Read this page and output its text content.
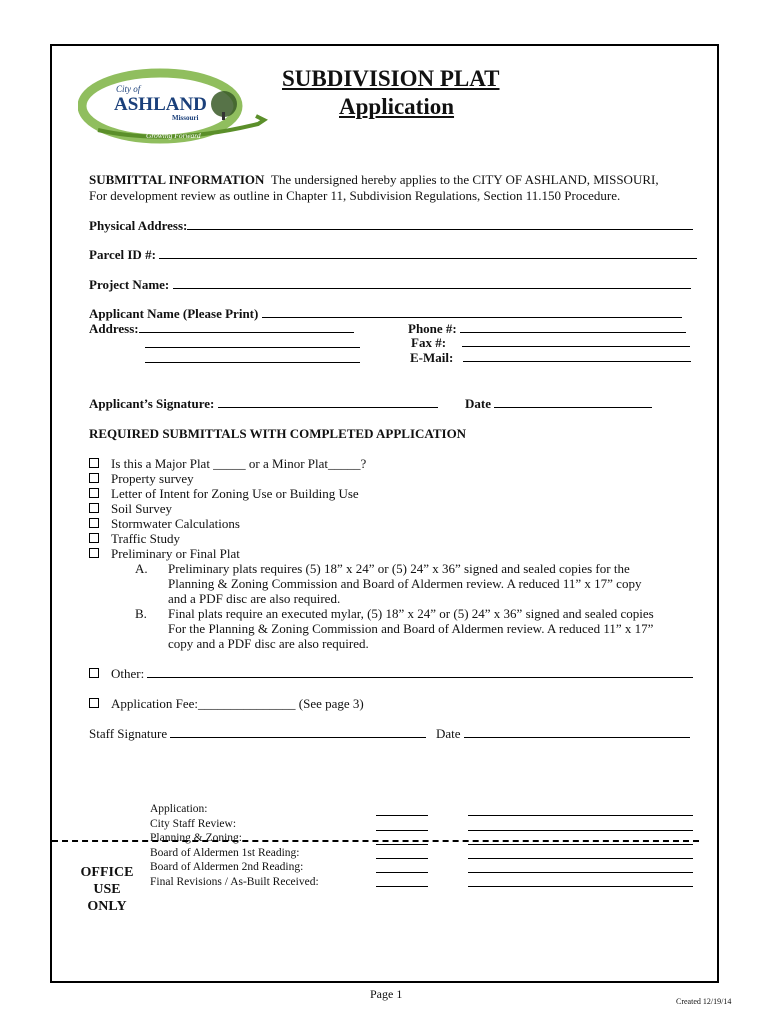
City of
ASHLAND
Missouri
Growing Forward
SUBDIVISION PLAT
Application
SUBMITTAL INFORMATION The undersigned hereby applies to the CITY OF ASHLAND, MISSOURI,
For development review as outline in Chapter 11, Subdivision Regulations, Section 11.150 Procedure.
Physical Address:
Parcel ID #:
Project Name:
Applicant Name (Please Print)
Address:	Phone #:
Fax #:
E-Mail:
Applicant’s Signature:	Date
REQUIRED SUBMITTALS WITH COMPLETED APPLICATION
Is this a Major Plat _____ or a Minor Plat_____?
Property survey
Letter of Intent for Zoning Use or Building Use
Soil Survey
Stormwater Calculations
Traffic Study
Preliminary or Final Plat
A. Preliminary plats requires (5) 18” x 24” or (5) 24” x 36” signed and sealed copies for the
Planning & Zoning Commission and Board of Aldermen review. A reduced 11” x 17” copy
and a PDF disc are also required.
B. Final plats require an executed mylar, (5) 18” x 24” or (5) 24” x 36” signed and sealed copies
For the Planning & Zoning Commission and Board of Aldermen review. A reduced 11” x 17”
copy and a PDF disc are also required.
Other:
Application Fee:_______________ (See page 3)
Staff Signature	Date
OFFICE
USE
ONLY
Application:
City Staff Review:
Planning & Zoning:
Board of Aldermen 1st Reading:
Board of Aldermen 2nd Reading:
Final Revisions / As-Built Received:
Page 1
Created 12/19/14
